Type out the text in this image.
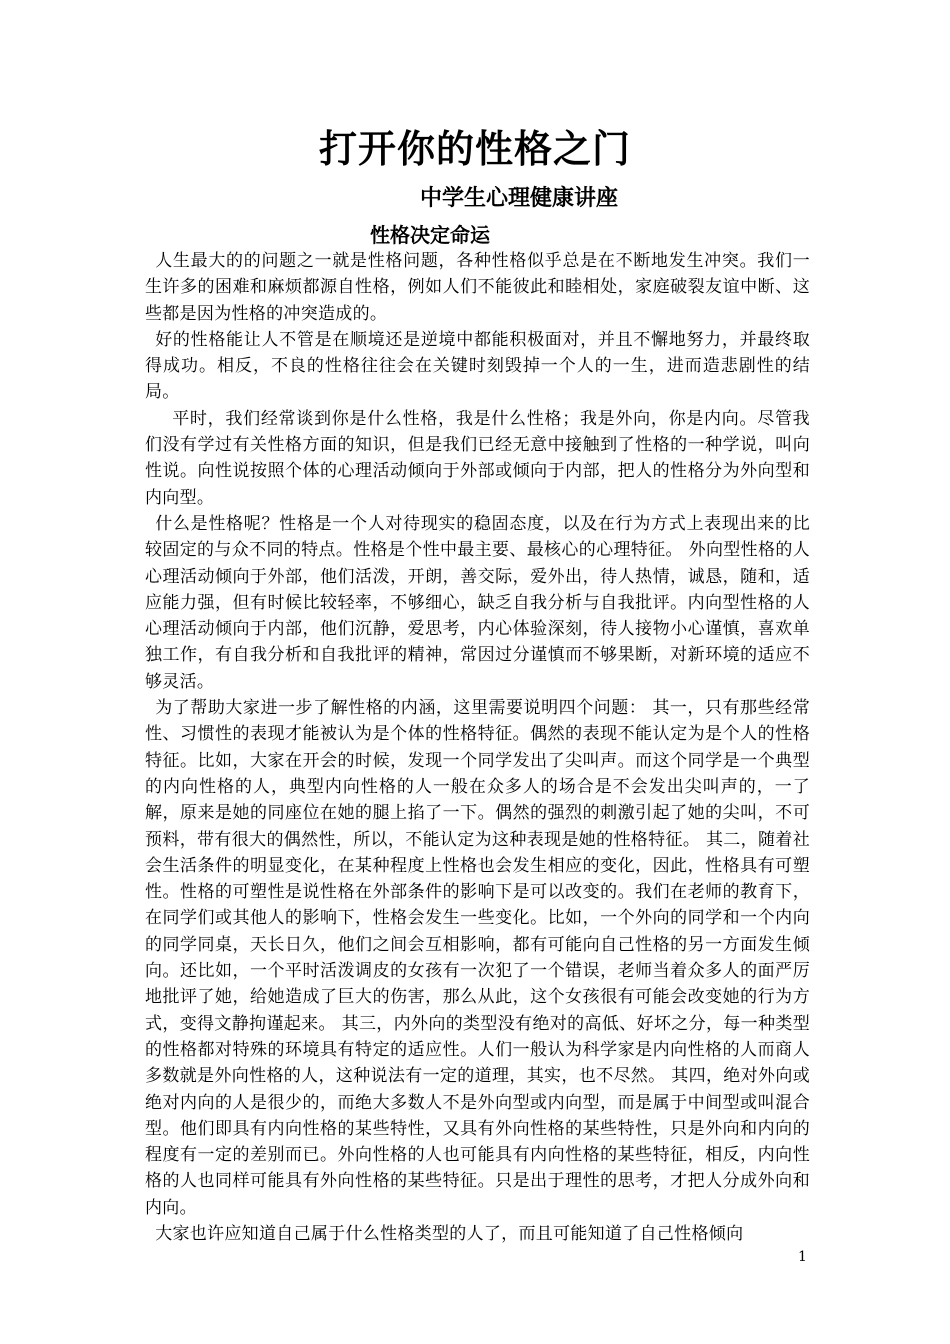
打开你的性格之门
中学生心理健康讲座
性格决定命运

人生最大的的问题之一就是性格问题，各种性格似乎总是在不断地发生冲突。我们一生许多的困难和麻烦都源自性格，例如人们不能彼此和睦相处，家庭破裂友谊中断、这些都是因为性格的冲突造成的。

好的性格能让人不管是在顺境还是逆境中都能积极面对，并且不懈地努力，并最终取得成功。相反，不良的性格往往会在关键时刻毁掉一个人的一生，进而造悲剧性的结局。

平时，我们经常谈到你是什么性格，我是什么性格；我是外向，你是内向。尽管我们没有学过有关性格方面的知识，但是我们已经无意中接触到了性格的一种学说，叫向性说。向性说按照个体的心理活动倾向于外部或倾向于内部，把人的性格分为外向型和内向型。

什么是性格呢？性格是一个人对待现实的稳固态度，以及在行为方式上表现出来的比较固定的与众不同的特点。性格是个性中最主要、最核心的心理特征。 外向型性格的人心理活动倾向于外部，他们活泼，开朗，善交际，爱外出，待人热情，诚恳，随和，适应能力强，但有时候比较轻率，不够细心，缺乏自我分析与自我批评。内向型性格的人心理活动倾向于内部，他们沉静，爱思考，内心体验深刻，待人接物小心谨慎，喜欢单独工作，有自我分析和自我批评的精神，常因过分谨慎而不够果断，对新环境的适应不够灵活。

为了帮助大家进一步了解性格的内涵，这里需要说明四个问题： 其一，只有那些经常性、习惯性的表现才能被认为是个体的性格特征。偶然的表现不能认定为是个人的性格特征。比如，大家在开会的时候，发现一个同学发出了尖叫声。而这个同学是一个典型的内向性格的人，典型内向性格的人一般在众多人的场合是不会发出尖叫声的，一了解，原来是她的同座位在她的腿上掐了一下。偶然的强烈的刺激引起了她的尖叫，不可预料，带有很大的偶然性，所以，不能认定为这种表现是她的性格特征。 其二，随着社会生活条件的明显变化，在某种程度上性格也会发生相应的变化，因此，性格具有可塑性。性格的可塑性是说性格在外部条件的影响下是可以改变的。我们在老师的教育下，在同学们或其他人的影响下，性格会发生一些变化。比如，一个外向的同学和一个内向的同学同桌，天长日久，他们之间会互相影响，都有可能向自己性格的另一方面发生倾向。还比如，一个平时活泼调皮的女孩有一次犯了一个错误，老师当着众多人的面严厉地批评了她，给她造成了巨大的伤害，那么从此，这个女孩很有可能会改变她的行为方式，变得文静拘谨起来。 其三，内外向的类型没有绝对的高低、好坏之分，每一种类型的性格都对特殊的环境具有特定的适应性。人们一般认为科学家是内向性格的人而商人多数就是外向性格的人，这种说法有一定的道理，其实，也不尽然。 其四，绝对外向或绝对内向的人是很少的，而绝大多数人不是外向型或内向型，而是属于中间型或叫混合型。他们即具有内向性格的某些特性，又具有外向性格的某些特性，只是外向和内向的程度有一定的差别而已。外向性格的人也可能具有内向性格的某些特征，相反，内向性格的人也同样可能具有外向性格的某些特征。只是出于理性的思考，才把人分成外向和内向。

大家也许应知道自己属于什么性格类型的人了，而且可能知道了自己性格倾向

1
